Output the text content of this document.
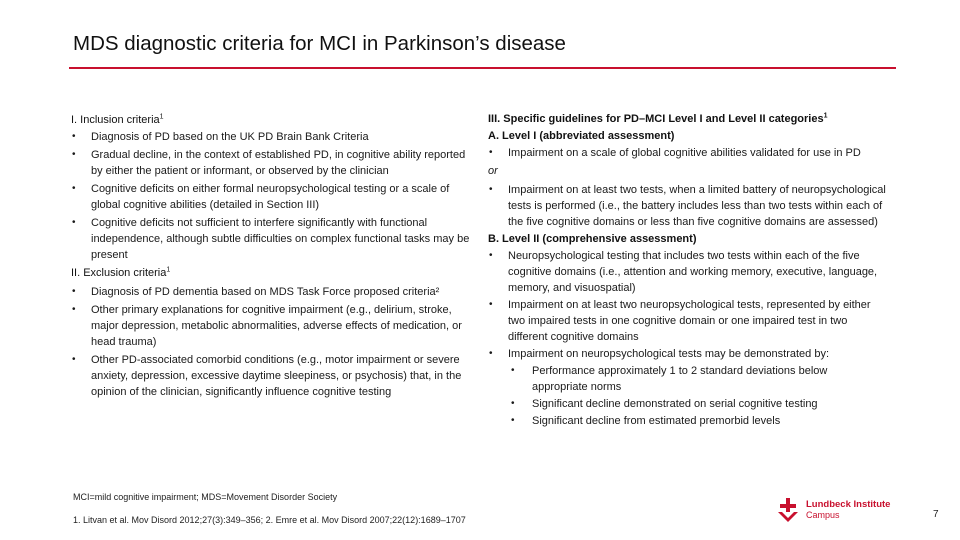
MDS diagnostic criteria for MCI in Parkinson’s disease
I. Inclusion criteria$^1$
• Diagnosis of PD based on the UK PD Brain Bank Criteria
• Gradual decline, in the context of established PD, in cognitive ability reported by either the patient or informant, or observed by the clinician
• Cognitive deficits on either formal neuropsychological testing or a scale of global cognitive abilities (detailed in Section III)
• Cognitive deficits not sufficient to interfere significantly with functional independence, although subtle difficulties on complex functional tasks may be present
II. Exclusion criteria$^1$
• Diagnosis of PD dementia based on MDS Task Force proposed criteria²
• Other primary explanations for cognitive impairment (e.g., delirium, stroke, major depression, metabolic abnormalities, adverse effects of medication, or head trauma)
• Other PD-associated comorbid conditions (e.g., motor impairment or severe anxiety, depression, excessive daytime sleepiness, or psychosis) that, in the opinion of the clinician, significantly influence cognitive testing
III. Specific guidelines for PD–MCI Level I and Level II categories$^1$
A. Level I (abbreviated assessment)
• Impairment on a scale of global cognitive abilities validated for use in PD
or
• Impairment on at least two tests, when a limited battery of neuropsychological tests is performed (i.e., the battery includes less than two tests within each of the five cognitive domains or less than five cognitive domains are assessed)
B. Level II (comprehensive assessment)
• Neuropsychological testing that includes two tests within each of the five cognitive domains (i.e., attention and working memory, executive, language, memory, and visuospatial)
• Impairment on at least two neuropsychological tests, represented by either two impaired tests in one cognitive domain or one impaired test in two different cognitive domains
• Impairment on neuropsychological tests may be demonstrated by:
• Performance approximately 1 to 2 standard deviations below appropriate norms
• Significant decline demonstrated on serial cognitive testing
• Significant decline from estimated premorbid levels
MCI=mild cognitive impairment; MDS=Movement Disorder Society
1. Litvan et al. Mov Disord 2012;27(3):349–356; 2. Emre et al. Mov Disord 2007;22(12):1689–1707
Lundbeck Institute
Campus	7
